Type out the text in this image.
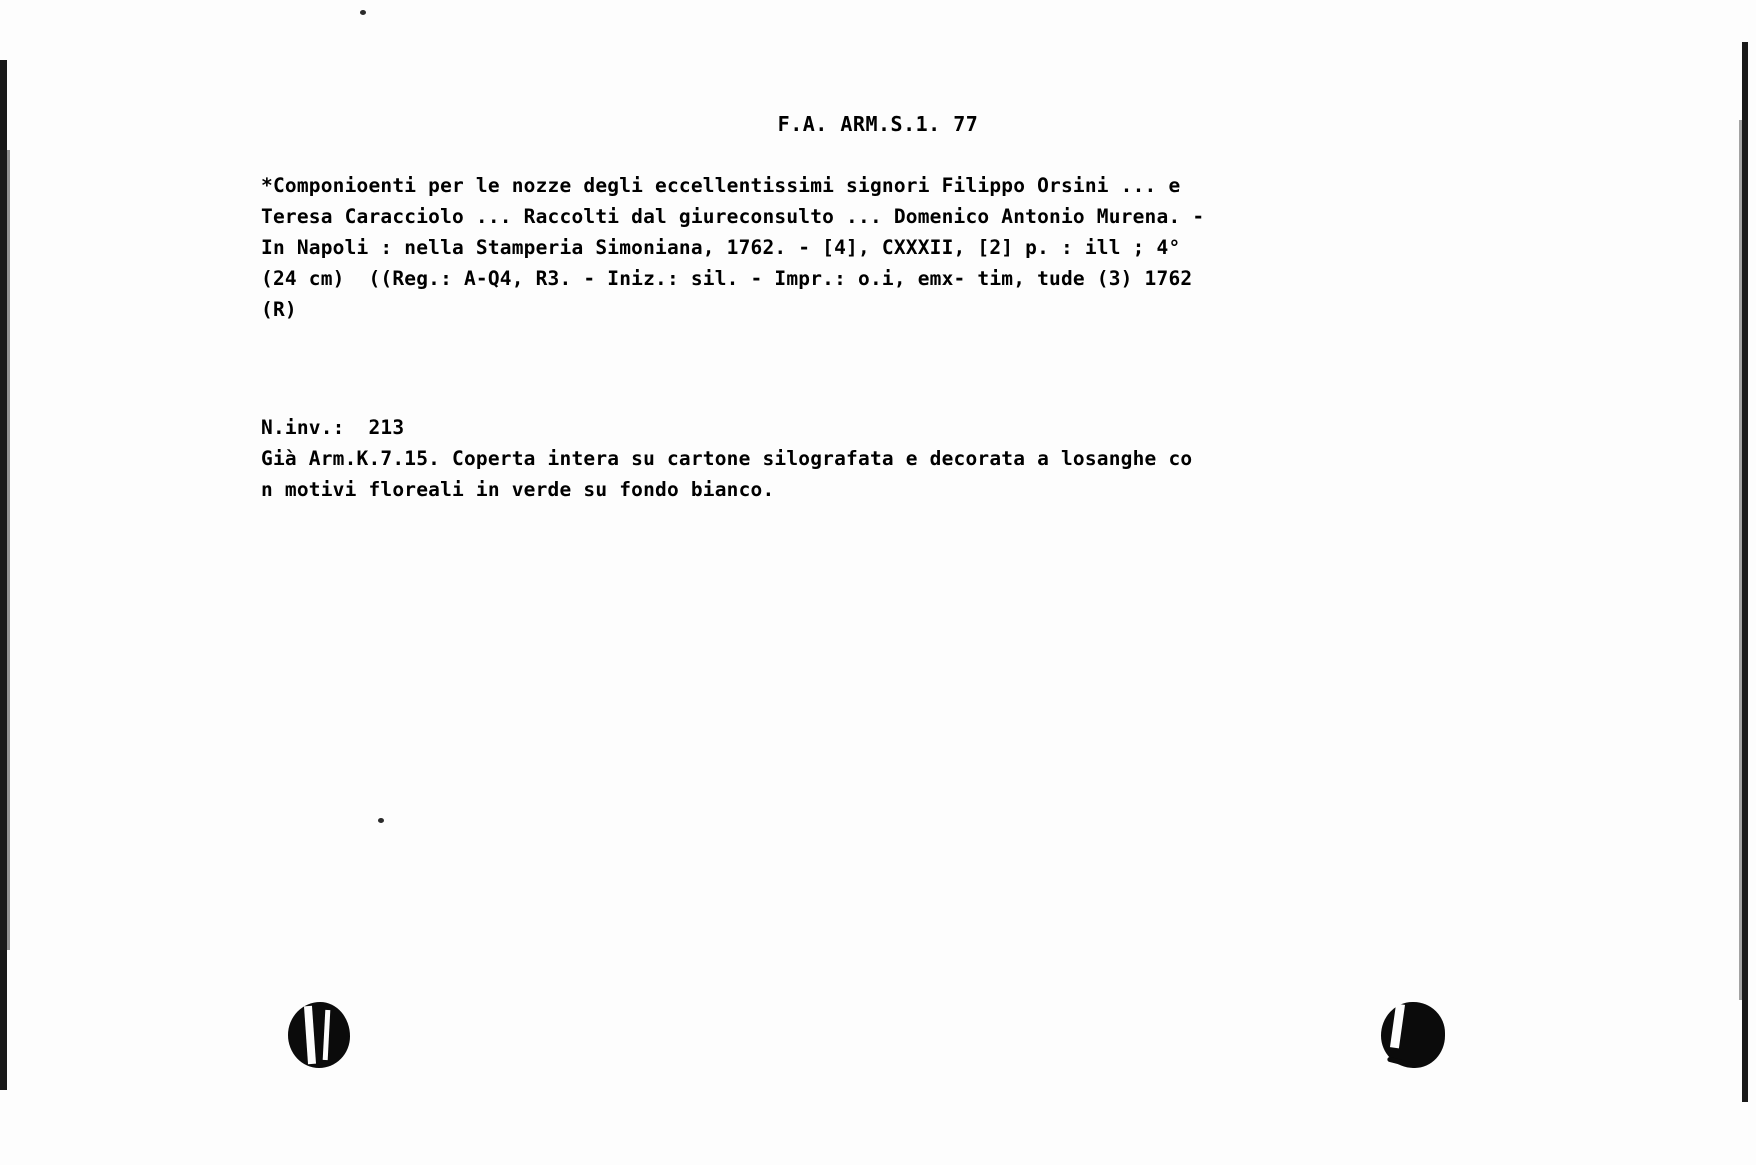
F.A. ARM.S.1. 77
*Componioenti per le nozze degli eccellentissimi signori Filippo Orsini ... e
Teresa Caracciolo ... Raccolti dal giureconsulto ... Domenico Antonio Murena. -
In Napoli : nella Stamperia Simoniana, 1762. - [4], CXXXII, [2] p. : ill ; 4°
(24 cm)  ((Reg.: A-Q4, R3. - Iniz.: sil. - Impr.: o.i, emx- tim, tude (3) 1762
(R)
N.inv.:  213
Già Arm.K.7.15. Coperta intera su cartone silografata e decorata a losanghe co
n motivi floreali in verde su fondo bianco.
